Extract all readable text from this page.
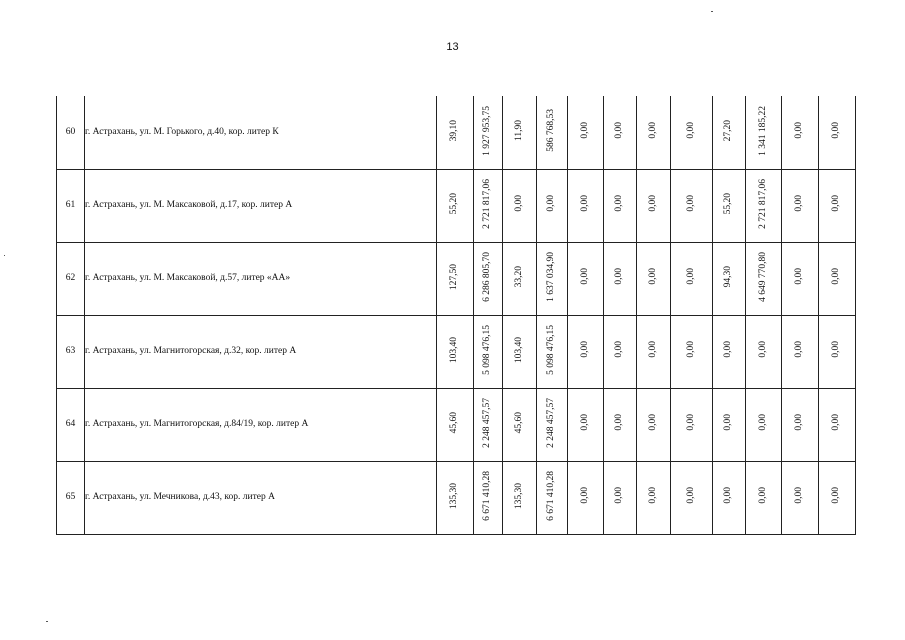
13
60	г. Астрахань, ул. М. Горького, д.40, кор. литер К	39,10	1 927 953,75	11,90	586 768,53	0,00	0,00	0,00	0,00	27,20	1 341 185,22	0,00	0,00
61	г. Астрахань, ул. М. Максаковой, д.17, кор. литер А	55,20	2 721 817,06	0,00	0,00	0,00	0,00	0,00	0,00	55,20	2 721 817,06	0,00	0,00
62	г. Астрахань, ул. М. Максаковой, д.57, литер «АА»	127,50	6 286 805,70	33,20	1 637 034,90	0,00	0,00	0,00	0,00	94,30	4 649 770,80	0,00	0,00
63	г. Астрахань, ул. Магнитогорская, д.32, кор. литер А	103,40	5 098 476,15	103,40	5 098 476,15	0,00	0,00	0,00	0,00	0,00	0,00	0,00	0,00
64	г. Астрахань, ул. Магнитогорская, д.84/19, кор. литер А	45,60	2 248 457,57	45,60	2 248 457,57	0,00	0,00	0,00	0,00	0,00	0,00	0,00	0,00
65	г. Астрахань, ул. Мечникова, д.43, кор. литер А	135,30	6 671 410,28	135,30	6 671 410,28	0,00	0,00	0,00	0,00	0,00	0,00	0,00	0,00
